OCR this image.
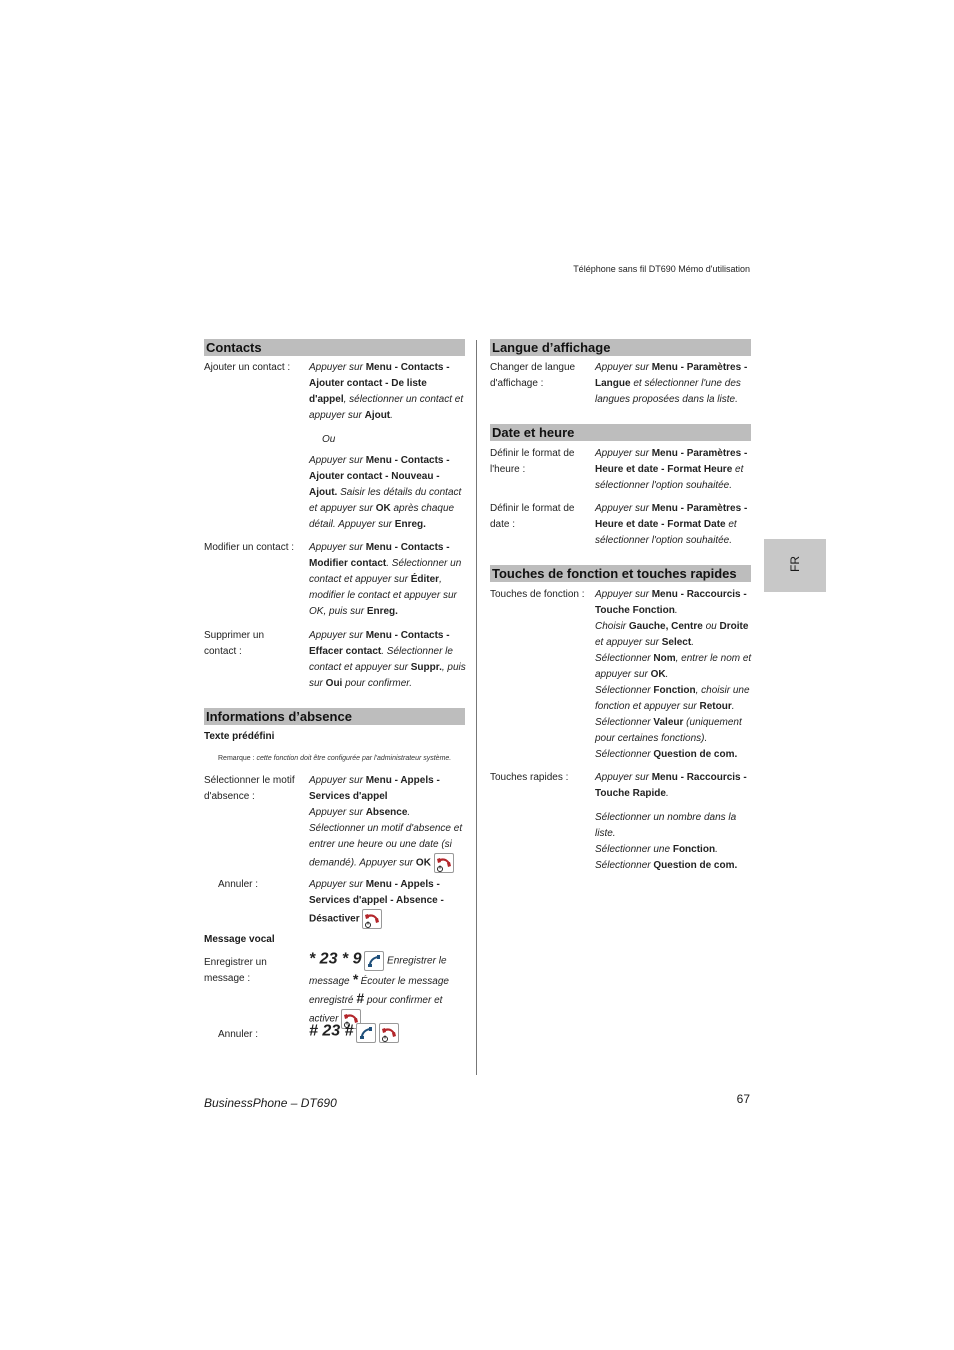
Téléphone sans fil DT690 Mémo d'utilisation
FR
Contacts
Ajouter un contact :	Appuyer sur Menu - Contacts - Ajouter contact - De liste d'appel, sélectionner un contact et appuyer sur Ajout.
Ou
Appuyer sur Menu - Contacts - Ajouter contact - Nouveau - Ajout. Saisir les détails du contact et appuyer sur OK après chaque détail. Appuyer sur Enreg.
Modifier un contact :	Appuyer sur Menu - Contacts - Modifier contact. Sélectionner un contact et appuyer sur Éditer, modifier le contact et appuyer sur OK, puis sur Enreg.
Supprimer un contact :
Appuyer sur Menu - Contacts - Effacer contact. Sélectionner le contact et appuyer sur Suppr., puis sur Oui pour confirmer.
Informations d’absence
Texte prédéfini
Remarque : cette fonction doit être configurée par l'administrateur système.
Sélectionner le motif d'absence :
Appuyer sur Menu - Appels - Services d'appel
Appuyer sur Absence.
Sélectionner un motif d'absence et entrer une heure ou une date (si demandé). Appuyer sur OK
Annuler :	Appuyer sur Menu - Appels - Services d'appel - Absence - Désactiver
Message vocal
Enregistrer un message :
* 23 * 9	Enregistrer le message * Écouter le message enregistré # pour confirmer et activer
Annuler :	# 23 #

Langue d’affichage
Changer de langue d'affichage :
Appuyer sur Menu - Paramètres - Langue et sélectionner l'une des langues proposées dans la liste.
Date et heure
Définir le format de l'heure :
Appuyer sur Menu - Paramètres - Heure et date - Format Heure et sélectionner l'option souhaitée.
Définir le format de date :
Appuyer sur Menu - Paramètres - Heure et date - Format Date et sélectionner l'option souhaitée.
Touches de fonction et touches rapides
Touches de fonction : Appuyer sur Menu - Raccourcis - Touche Fonction.
Choisir Gauche, Centre ou Droite et appuyer sur Select.
Sélectionner Nom, entrer le nom et appuyer sur OK.
Sélectionner Fonction, choisir une fonction et appuyer sur Retour.
Sélectionner Valeur (uniquement pour certaines fonctions).
Sélectionner Question de com.
Touches rapides :	Appuyer sur Menu - Raccourcis - Touche Rapide.
Sélectionner un nombre dans la liste.
Sélectionner une Fonction.
Sélectionner Question de com.
BusinessPhone – DT690	67
